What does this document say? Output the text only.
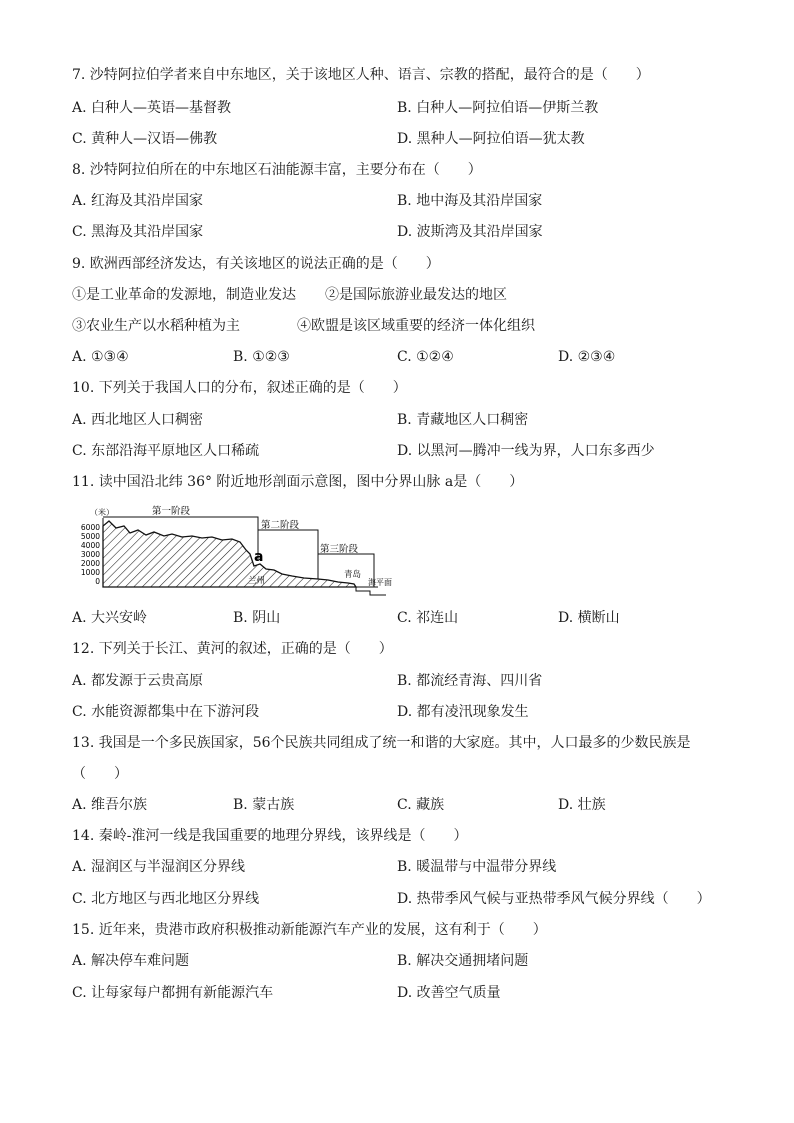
7. 沙特阿拉伯学者来自中东地区，关于该地区人种、语言、宗教的搭配，最符合的是（　　）
A. 白种人—英语—基督教	B. 白种人—阿拉伯语—伊斯兰教
C. 黄种人—汉语—佛教	D. 黑种人—阿拉伯语—犹太教
8. 沙特阿拉伯所在的中东地区石油能源丰富，主要分布在（　　）
A. 红海及其沿岸国家	B. 地中海及其沿岸国家
C. 黑海及其沿岸国家	D. 波斯湾及其沿岸国家
9. 欧洲西部经济发达，有关该地区的说法正确的是（　　）
①是工业革命的发源地，制造业发达 ②是国际旅游业最发达的地区
③农业生产以水稻种植为主	④欧盟是该区域重要的经济一体化组织
A. ①③④	B. ①②③	C. ①②④	D. ②③④
10. 下列关于我国人口的分布，叙述正确的是（　　）
A. 西北地区人口稠密	B. 青藏地区人口稠密
C. 东部沿海平原地区人口稀疏	D. 以黑河—腾冲一线为界，人口东多西少
11. 读中国沿北纬 36° 附近地形剖面示意图，图中分界山脉 a是（　　）
（米）
6000
5000
4000
3000
2000
1000
0
第一阶段
第二阶段
第三阶段
a
兰州
青岛
海平面
A. 大兴安岭	B. 阴山	C. 祁连山	D. 横断山
12. 下列关于长江、黄河的叙述，正确的是（　　）
A. 都发源于云贵高原	B. 都流经青海、四川省
C. 水能资源都集中在下游河段	D. 都有凌汛现象发生
13. 我国是一个多民族国家，56个民族共同组成了统一和谐的大家庭。其中，人口最多的少数民族是
（　　）
A. 维吾尔族	B. 蒙古族	C. 藏族	D. 壮族
14. 秦岭-淮河一线是我国重要的地理分界线，该界线是（　　）
A. 湿润区与半湿润区分界线	B. 暖温带与中温带分界线
C. 北方地区与西北地区分界线	D. 热带季风气候与亚热带季风气候分界线（　　）
15. 近年来，贵港市政府积极推动新能源汽车产业的发展，这有利于（　　）
A. 解决停车难问题	B. 解决交通拥堵问题
C. 让每家每户都拥有新能源汽车	D. 改善空气质量
